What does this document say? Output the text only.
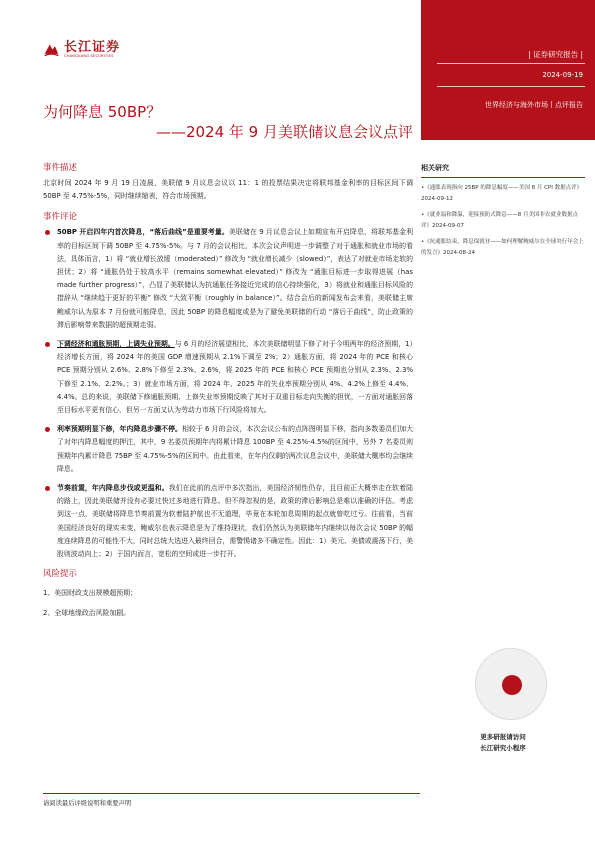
| 证券研究报告 |
2024-09-19
世界经济与海外市场丨点评报告
长江证券
CHANGJIANG SECURITIES
为何降息 50BP？
——2024 年 9 月美联储议息会议点评
事件描述

北京时间 2024 年 9 月 19 日凌晨，美联储 9 月议息会议以 11：1 的投票结果决定将联邦基金利率的目标区间下调 50BP 至 4.75%-5%，同时继续缩表，符合市场预期。

事件评论

50BP 开启四年内首次降息，“落后曲线”是重要考量。美联储在 9 月议息会议上如期宣布开启降息，将联邦基金利率的目标区间下调 50BP 至 4.75%-5%。与 7 月的会议相比，本次会议声明进一步调整了对于通胀和就业市场的看法，具体而言，1）将 “就业增长放缓（moderated）” 修改为 “就业增长减少（slowed）”，表达了对就业市场走软的担忧；2）将 “通胀仍处于较高水平（remains somewhat elevated）” 修改为 “通胀目标进一步取得进展（has made further progress）”，凸显了美联储认为抗通胀任务接近完成的信心持续强化，3）将就业和通胀目标风险的措辞从 “继续趋于更好的平衡” 修改 “大致平衡（roughly in balance）”。结合会后的新闻发布会来看，美联储主席鲍威尔认为原本 7 月份就可能降息，因此 50BP 的降息幅度或是为了避免美联储的行动 “落后于曲线”，防止政策的滞后影响带来数据的超预期走弱。

下调经济和通胀预期，上调失业预期。与 6 月的经济展望相比，本次美联储明显下修了对于今明两年的经济预期，1）经济增长方面，将 2024 年的美国 GDP 增速预期从 2.1%下调至 2%；2）通胀方面，将 2024 年的 PCE 和核心 PCE 预期分别从 2.6%、2.8%下修至 2.3%、2.6%，将 2025 年的 PCE 和核心 PCE 预期也分别从 2.3%、2.3%下修至 2.1%、2.2%。；3）就业市场方面，将 2024 年、2025 年的失业率预期分别从 4%、4.2%上修至 4.4%、4.4%。总的来说，美联储下修通胀预期、上修失业率预期反映了其对于双重目标走向失衡的担忧，一方面对通胀回落至目标水平更有信心，但另一方面又认为劳动力市场下行风险将加大。

利率预期明显下修，年内降息步骤不停。相较于 6 月的会议，本次会议公布的点阵图明显下移，指向多数委员们加大了对年内降息幅度的押注，其中，9 名委员预期年内将累计降息 100BP 至 4.25%-4.5%的区间中，另外 7 名委员则预期年内累计降息 75BP 至 4.75%-5%的区间中。由此看来，在年内仅剩的两次议息会议中，美联储大概率均会继续降息。

节奏前置，年内降息步伐或更温和。我们在此前的点评中多次指出，美国经济韧性仍存，且目前正大概率走在软着陆的路上，因此美联储并没有必要过快过多地进行降息。但不得忽视的是，政策的滞后影响总是难以准确的评估。考虑到这一点，美联储将降息节奏前置为软着陆护航也不无道理，毕竟在本轮加息周期的起点就曾吃过亏。往前看，当前美国经济良好的现实未变，鲍威尔也表示降息是为了维持现状，我们仍然认为美联储年内继续以每次会议 50BP 的幅度连续降息的可能性不大，同时总统大选进入最终回合，需警惕诸多不确定性。因此：1）美元、美债或震荡下行，美股则波动向上；2）于国内而言，宽松的空间或进一步打开。

风险提示
1、美国财政支出规模超预期；
2、全球地缘政治风险加剧。
相关研究
•《通胀表现指向 25BP 的降息幅度——美国 8 月 CPI 数据点评》2024-09-12
•《就业温和降温，迎接预防式降息——8 月美国非农就业数据点评》2024-09-07
•《抗通胀结束，降息保就业——如何理解鲍威尔在全球央行年会上的发言》2024-08-24
更多研报请访问
长江研究小程序
请阅读最后评级说明和重要声明
